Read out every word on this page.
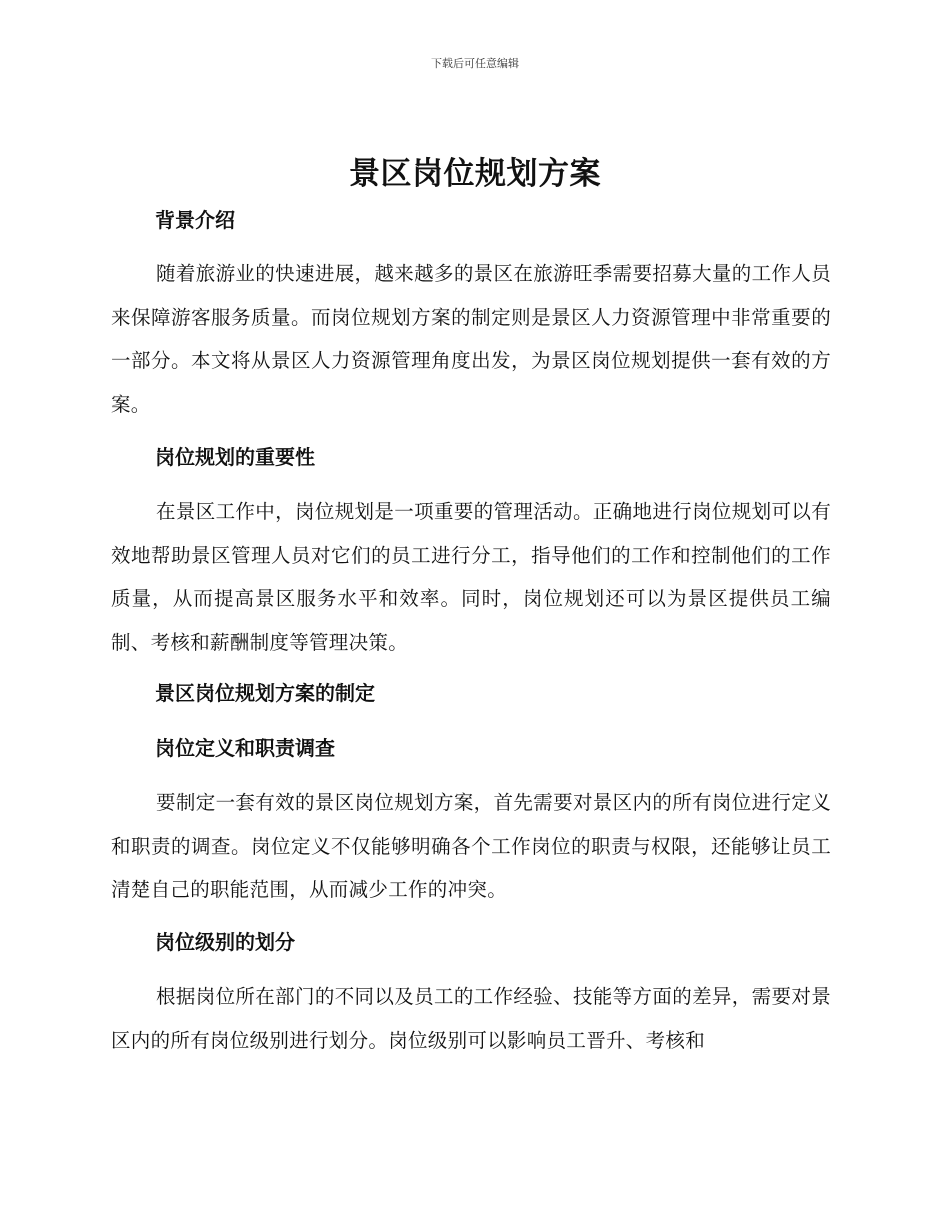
下载后可任意编辑
景区岗位规划方案
背景介绍

随着旅游业的快速进展，越来越多的景区在旅游旺季需要招募大量的工作人员来保障游客服务质量。而岗位规划方案的制定则是景区人力资源管理中非常重要的一部分。本文将从景区人力资源管理角度出发，为景区岗位规划提供一套有效的方案。

岗位规划的重要性

在景区工作中，岗位规划是一项重要的管理活动。正确地进行岗位规划可以有效地帮助景区管理人员对它们的员工进行分工，指导他们的工作和控制他们的工作质量，从而提高景区服务水平和效率。同时，岗位规划还可以为景区提供员工编制、考核和薪酬制度等管理决策。

景区岗位规划方案的制定
岗位定义和职责调查

要制定一套有效的景区岗位规划方案，首先需要对景区内的所有岗位进行定义和职责的调查。岗位定义不仅能够明确各个工作岗位的职责与权限，还能够让员工清楚自己的职能范围，从而减少工作的冲突。

岗位级别的划分

根据岗位所在部门的不同以及员工的工作经验、技能等方面的差异，需要对景区内的所有岗位级别进行划分。岗位级别可以影响员工晋升、考核和
